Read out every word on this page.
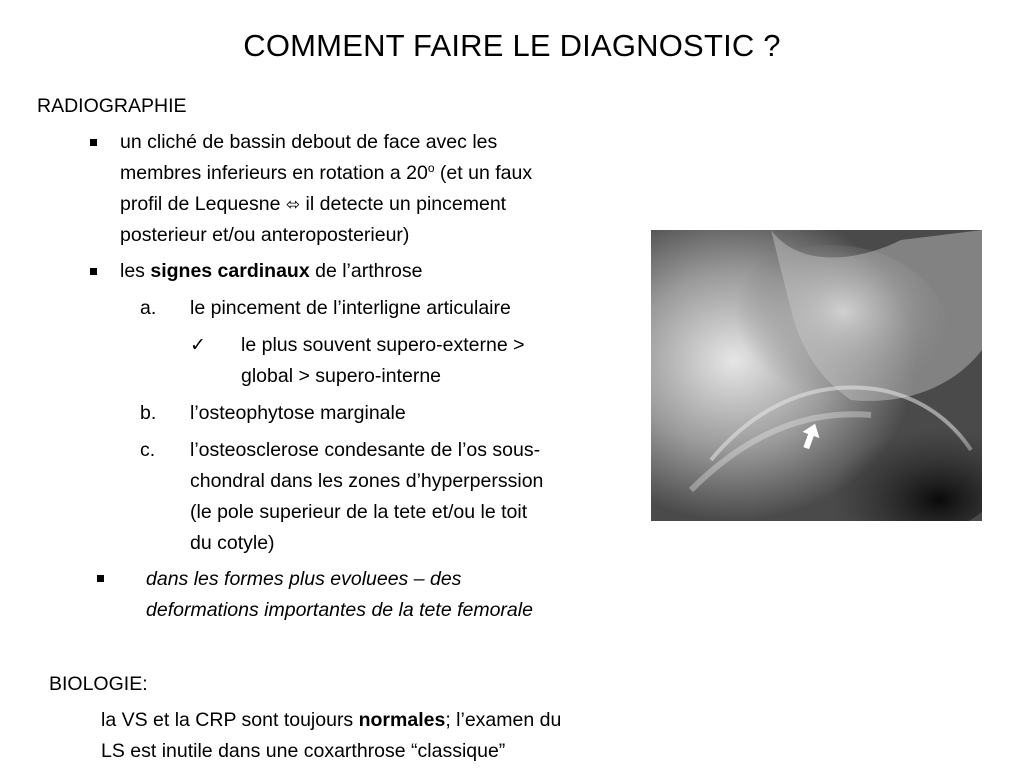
COMMENT FAIRE LE DIAGNOSTIC ?
RADIOGRAPHIE
un cliché de bassin debout de face avec les
membres inferieurs en rotation a 20$^o$ (et un faux
profil de Lequesne ⬄ il detecte un pincement
posterieur et/ou anteroposterieur)
les signes cardinaux de l’arthrose
a. le pincement de l’interligne articulaire
✓ le plus souvent supero-externe >
global > supero-interne
b. l’osteophytose marginale
c. l’osteosclerose condesante de l’os sous-
chondral dans les zones d’hyperperssion
(le pole superieur de la tete et/ou le toit
du cotyle)
dans les formes plus evoluees – des
deformations importantes de la tete femorale
BIOLOGIE:
la VS et la CRP sont toujours normales; l’examen du
LS est inutile dans une coxarthrose “classique”
